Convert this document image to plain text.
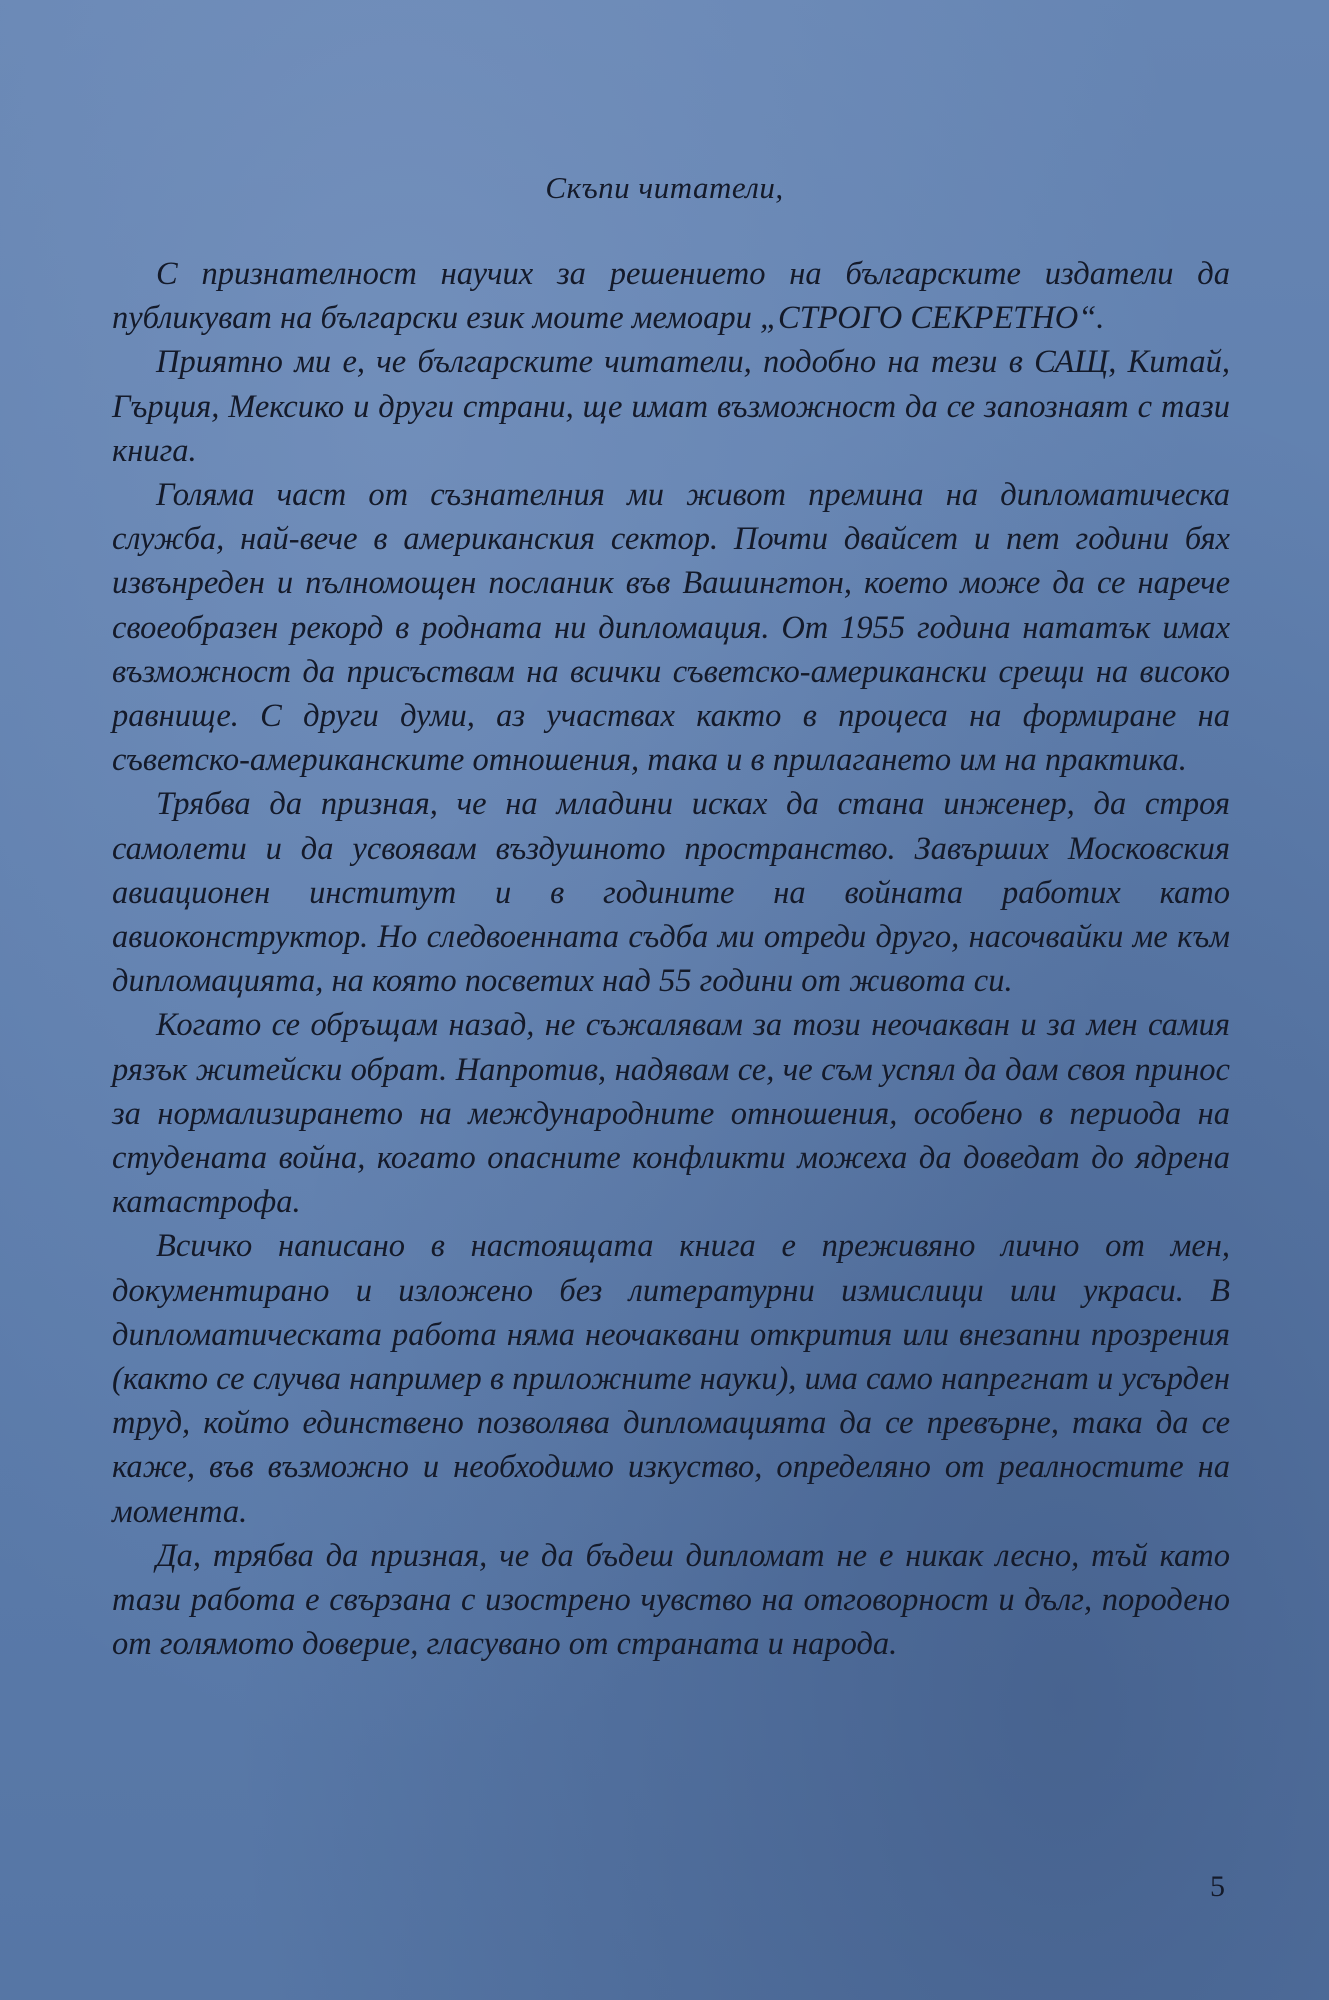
Скъпи читатели,

С признателност научих за решението на българските издатели да публикуват на български език моите мемоари „СТРОГО СЕКРЕТНО“.

Приятно ми е, че българските читатели, подобно на тези в САЩ, Китай, Гърция, Мексико и други страни, ще имат възможност да се запознаят с тази книга.

Голяма част от съзнателния ми живот премина на дипломатическа служба, най-вече в американския сектор. Почти двайсет и пет години бях извънреден и пълномощен посланик във Вашингтон, което може да се нарече своеобразен рекорд в родната ни дипломация. От 1955 година нататък имах възможност да присъствам на всички съветско-американски срещи на високо равнище. С други думи, аз участвах както в процеса на формиране на съветско-американските отношения, така и в прилагането им на практика.

Трябва да призная, че на младини исках да стана инженер, да строя самолети и да усвоявам въздушното пространство. Завърших Московския авиационен институт и в годините на войната работих като авиоконструктор. Но следвоенната съдба ми отреди друго, насочвайки ме към дипломацията, на която посветих над 55 години от живота си.

Когато се обръщам назад, не съжалявам за този неочакван и за мен самия рязък житейски обрат. Напротив, надявам се, че съм успял да дам своя принос за нормализирането на международните отношения, особено в периода на студената война, когато опасните конфликти можеха да доведат до ядрена катастрофа.

Всичко написано в настоящата книга е преживяно лично от мен, документирано и изложено без литературни измислици или украси. В дипломатическата работа няма неочаквани открития или внезапни прозрения (както се случва например в приложните науки), има само напрегнат и усърден труд, който единствено позволява дипломацията да се превърне, така да се каже, във възможно и необходимо изкуство, определяно от реалностите на момента.

Да, трябва да призная, че да бъдеш дипломат не е никак лесно, тъй като тази работа е свързана с изострено чувство на отговорност и дълг, породено от голямото доверие, гласувано от страната и народа.

5
